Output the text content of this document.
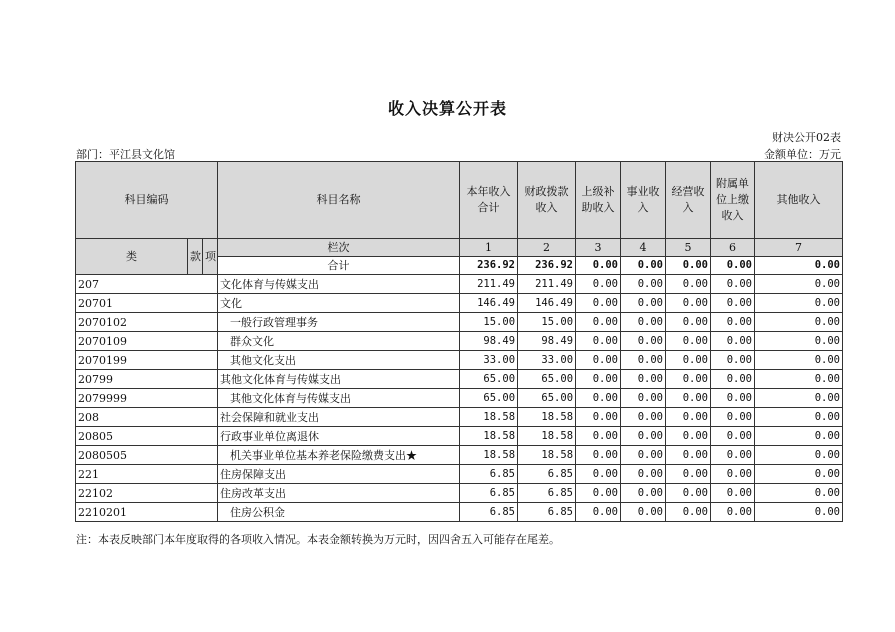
收入决算公开表
财决公开02表
部门：平江县文化馆	金额单位：万元
科目编码			科目名称	本年收入合计	财政拨款收入	上级补助收入	事业收入	经营收入	附属单位上缴收入	其他收入
类	款	项	栏次	1	2	3	4	5	6	7
			合计	236.92	236.92	0.00	0.00	0.00	0.00	0.00
207			文化体育与传媒支出	211.49	211.49	0.00	0.00	0.00	0.00	0.00
20701			文化	146.49	146.49	0.00	0.00	0.00	0.00	0.00
2070102			一般行政管理事务	15.00	15.00	0.00	0.00	0.00	0.00	0.00
2070109			群众文化	98.49	98.49	0.00	0.00	0.00	0.00	0.00
2070199			其他文化支出	33.00	33.00	0.00	0.00	0.00	0.00	0.00
20799			其他文化体育与传媒支出	65.00	65.00	0.00	0.00	0.00	0.00	0.00
2079999			其他文化体育与传媒支出	65.00	65.00	0.00	0.00	0.00	0.00	0.00
208			社会保障和就业支出	18.58	18.58	0.00	0.00	0.00	0.00	0.00
20805			行政事业单位离退休	18.58	18.58	0.00	0.00	0.00	0.00	0.00
2080505			机关事业单位基本养老保险缴费支出★	18.58	18.58	0.00	0.00	0.00	0.00	0.00
221			住房保障支出	6.85	6.85	0.00	0.00	0.00	0.00	0.00
22102			住房改革支出	6.85	6.85	0.00	0.00	0.00	0.00	0.00
2210201			住房公积金	6.85	6.85	0.00	0.00	0.00	0.00	0.00
注：本表反映部门本年度取得的各项收入情况。本表金额转换为万元时，因四舍五入可能存在尾差。
